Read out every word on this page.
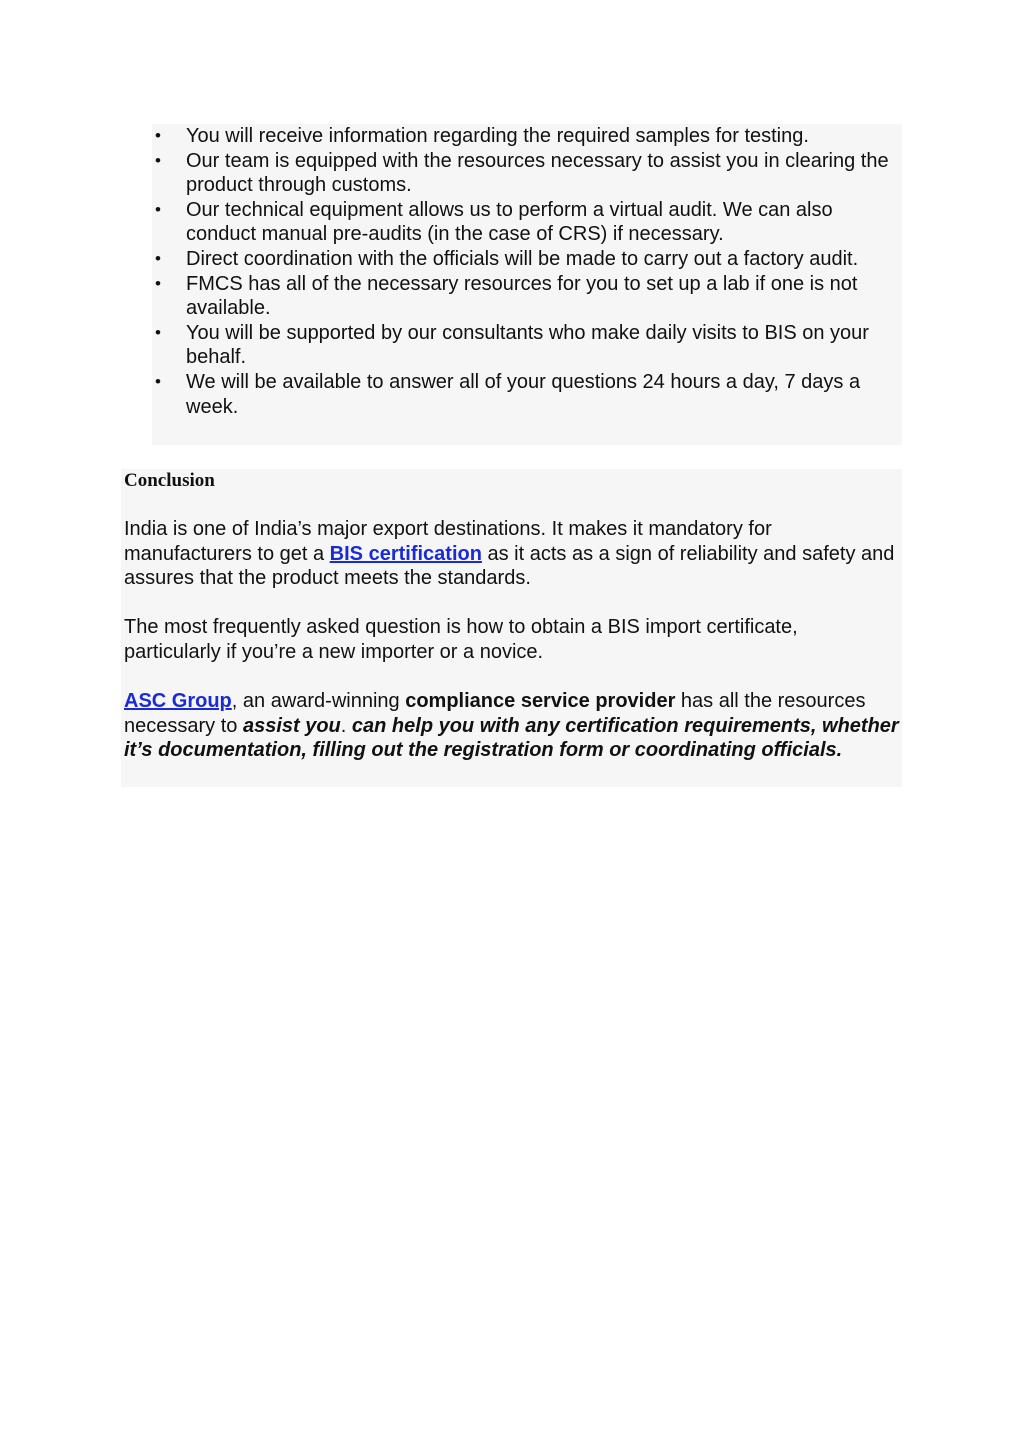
• You will receive information regarding the required samples for testing.
• Our team is equipped with the resources necessary to assist you in clearing the product through customs.
• Our technical equipment allows us to perform a virtual audit. We can also conduct manual pre-audits (in the case of CRS) if necessary.
• Direct coordination with the officials will be made to carry out a factory audit.
• FMCS has all of the necessary resources for you to set up a lab if one is not available.
• You will be supported by our consultants who make daily visits to BIS on your behalf.
• We will be available to answer all of your questions 24 hours a day, 7 days a week.
Conclusion

India is one of India’s major export destinations. It makes it mandatory for manufacturers to get a BIS certification as it acts as a sign of reliability and safety and assures that the product meets the standards.

The most frequently asked question is how to obtain a BIS import certificate, particularly if you’re a new importer or a novice.

ASC Group, an award-winning compliance service provider has all the resources necessary to assist you. can help you with any certification requirements, whether it’s documentation, filling out the registration form or coordinating officials.
